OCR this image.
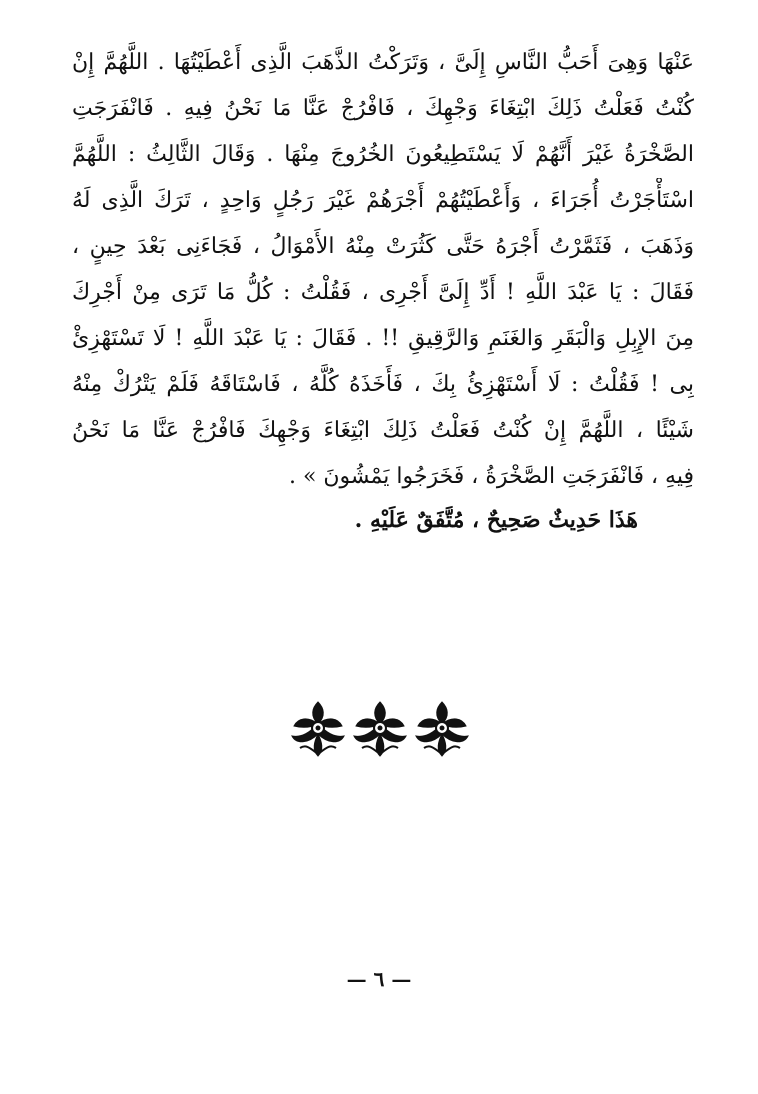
عَنْهَا وَهِىَ أَحَبُّ النَّاسِ إِلَىَّ ، وَتَرَكْتُ الذَّهَبَ الَّذِى أَعْطَيْتُهَا . اللَّهُمَّ إِنْ
كُنْتُ فَعَلْتُ ذَلِكَ ابْتِغَاءَ وَجْهِكَ ، فَافْرُجْ عَنَّا مَا نَحْنُ فِيهِ . فَانْفَرَجَتِ
الصَّخْرَةُ غَيْرَ أَنَّهُمْ لَا يَسْتَطِيعُونَ الخُرُوجَ مِنْهَا . وَقَالَ الثَّالِثُ : اللَّهُمَّ
اسْتَأْجَرْتُ أُجَرَاءَ ، وَأَعْطَيْتُهُمْ أَجْرَهُمْ غَيْرَ رَجُلٍ وَاحِدٍ ، تَرَكَ الَّذِى لَهُ
وَذَهَبَ ، فَثَمَّرْتُ أَجْرَهُ حَتَّى كَثُرَتْ مِنْهُ الأَمْوَالُ ، فَجَاءَنِى بَعْدَ حِينٍ ،
فَقَالَ : يَا عَبْدَ اللَّهِ ! أَدِّ إِلَىَّ أَجْرِى ، فَقُلْتُ : كُلُّ مَا تَرَى مِنْ أَجْرِكَ
مِنَ الإِبِلِ وَالْبَقَرِ وَالغَنَمِ وَالرَّقِيقِ !! . فَقَالَ : يَا عَبْدَ اللَّهِ ! لَا تَسْتَهْزِئْ
بِى ! فَقُلْتُ : لَا أَسْتَهْزِئُ بِكَ ، فَأَخَذَهُ كُلَّهُ ، فَاسْتَاقَهُ فَلَمْ يَتْرُكْ مِنْهُ
شَيْئًا ، اللَّهُمَّ إِنْ كُنْتُ فَعَلْتُ ذَلِكَ ابْتِغَاءَ وَجْهِكَ فَافْرُجْ عَنَّا مَا نَحْنُ
فِيهِ ، فَانْفَرَجَتِ الصَّخْرَةُ ، فَخَرَجُوا يَمْشُونَ » .
هَذَا حَدِيثٌ صَحِيحٌ ، مُتَّفَقٌ عَلَيْهِ .
— ٦ —
